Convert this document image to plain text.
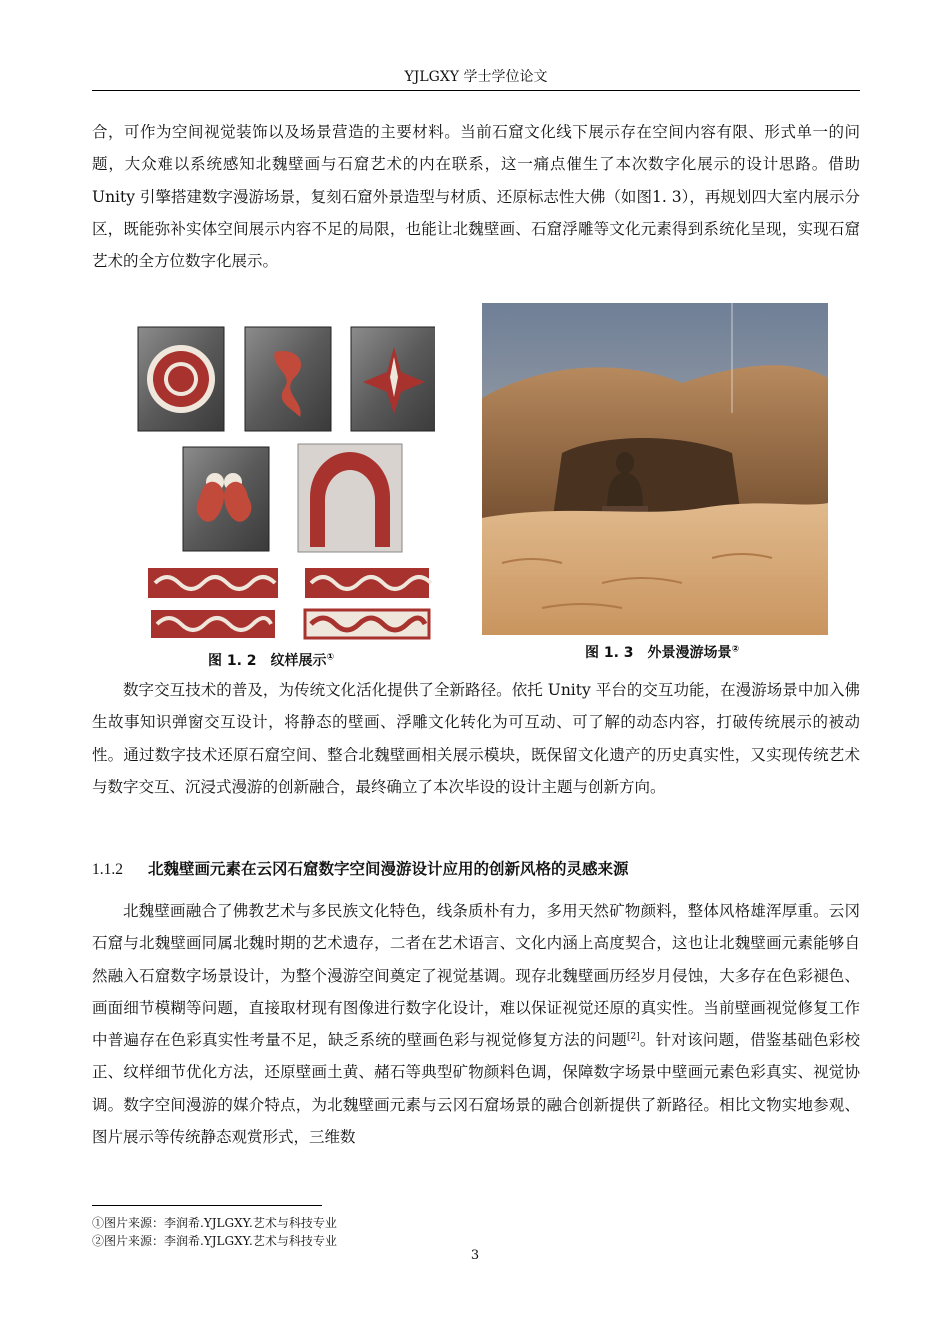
YJLGXY 学士学位论文

合，可作为空间视觉装饰以及场景营造的主要材料。当前石窟文化线下展示存在空间内容有限、形式单一的问题，大众难以系统感知北魏壁画与石窟艺术的内在联系，这一痛点催生了本次数字化展示的设计思路。借助 Unity 引擎搭建数字漫游场景，复刻石窟外景造型与材质、还原标志性大佛（如图1. 3），再规划四大室内展示分区，既能弥补实体空间展示内容不足的局限，也能让北魏壁画、石窟浮雕等文化元素得到系统化呈现，实现石窟艺术的全方位数字化展示。

图 1. 2　纹样展示①	图 1. 3　外景漫游场景②

数字交互技术的普及，为传统文化活化提供了全新路径。依托 Unity 平台的交互功能，在漫游场景中加入佛生故事知识弹窗交互设计，将静态的壁画、浮雕文化转化为可互动、可了解的动态内容，打破传统展示的被动性。通过数字技术还原石窟空间、整合北魏壁画相关展示模块，既保留文化遗产的历史真实性，又实现传统艺术与数字交互、沉浸式漫游的创新融合，最终确立了本次毕设的设计主题与创新方向。

1.1.2 北魏壁画元素在云冈石窟数字空间漫游设计应用的创新风格的灵感来源

北魏壁画融合了佛教艺术与多民族文化特色，线条质朴有力，多用天然矿物颜料，整体风格雄浑厚重。云冈石窟与北魏壁画同属北魏时期的艺术遗存，二者在艺术语言、文化内涵上高度契合，这也让北魏壁画元素能够自然融入石窟数字场景设计，为整个漫游空间奠定了视觉基调。现存北魏壁画历经岁月侵蚀，大多存在色彩褪色、画面细节模糊等问题，直接取材现有图像进行数字化设计，难以保证视觉还原的真实性。当前壁画视觉修复工作中普遍存在色彩真实性考量不足，缺乏系统的壁画色彩与视觉修复方法的问题[2]。针对该问题，借鉴基础色彩校正、纹样细节优化方法，还原壁画土黄、赭石等典型矿物颜料色调，保障数字场景中壁画元素色彩真实、视觉协调。数字空间漫游的媒介特点，为北魏壁画元素与云冈石窟场景的融合创新提供了新路径。相比文物实地参观、图片展示等传统静态观赏形式，三维数

①图片来源：李润希.YJLGXY.艺术与科技专业
②图片来源：李润希.YJLGXY.艺术与科技专业
3
